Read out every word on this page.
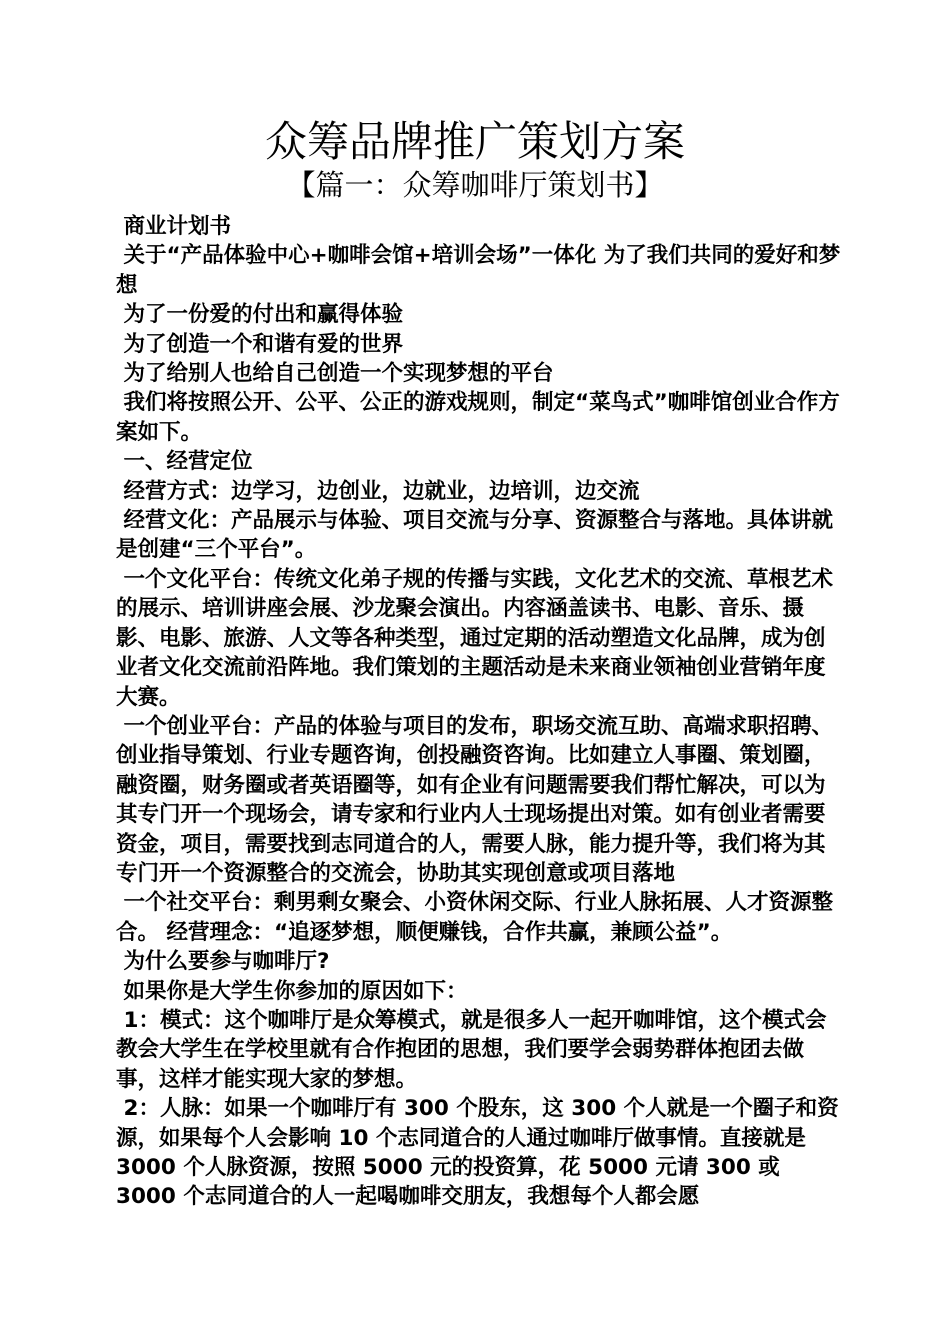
众筹品牌推广策划方案
【篇一：众筹咖啡厅策划书】

商业计划书

关于“产品体验中心+咖啡会馆+培训会场”一体化 为了我们共同的爱好和梦想

为了一份爱的付出和赢得体验

为了创造一个和谐有爱的世界

为了给别人也给自己创造一个实现梦想的平台

我们将按照公开、公平、公正的游戏规则，制定“菜鸟式”咖啡馆创业合作方案如下。

一、经营定位

经营方式：边学习，边创业，边就业，边培训，边交流

经营文化：产品展示与体验、项目交流与分享、资源整合与落地。具体讲就是创建“三个平台”。

一个文化平台：传统文化弟子规的传播与实践，文化艺术的交流、草根艺术的展示、培训讲座会展、沙龙聚会演出。内容涵盖读书、电影、音乐、摄影、电影、旅游、人文等各种类型，通过定期的活动塑造文化品牌，成为创业者文化交流前沿阵地。我们策划的主题活动是未来商业领袖创业营销年度大赛。

一个创业平台：产品的体验与项目的发布，职场交流互助、高端求职招聘、创业指导策划、行业专题咨询，创投融资咨询。比如建立人事圈、策划圈，融资圈，财务圈或者英语圈等，如有企业有问题需要我们帮忙解决，可以为其专门开一个现场会，请专家和行业内人士现场提出对策。如有创业者需要资金，项目，需要找到志同道合的人，需要人脉，能力提升等，我们将为其专门开一个资源整合的交流会，协助其实现创意或项目落地

一个社交平台：剩男剩女聚会、小资休闲交际、行业人脉拓展、人才资源整合。 经营理念：“追逐梦想，顺便赚钱，合作共赢，兼顾公益”。

为什么要参与咖啡厅?

如果你是大学生你参加的原因如下：

1：模式：这个咖啡厅是众筹模式，就是很多人一起开咖啡馆，这个模式会教会大学生在学校里就有合作抱团的思想，我们要学会弱势群体抱团去做事，这样才能实现大家的梦想。

2：人脉：如果一个咖啡厅有 300 个股东，这 300 个人就是一个圈子和资源，如果每个人会影响 10 个志同道合的人通过咖啡厅做事情。直接就是 3000 个人脉资源，按照 5000 元的投资算，花 5000 元请 300 或 3000 个志同道合的人一起喝咖啡交朋友，我想每个人都会愿
